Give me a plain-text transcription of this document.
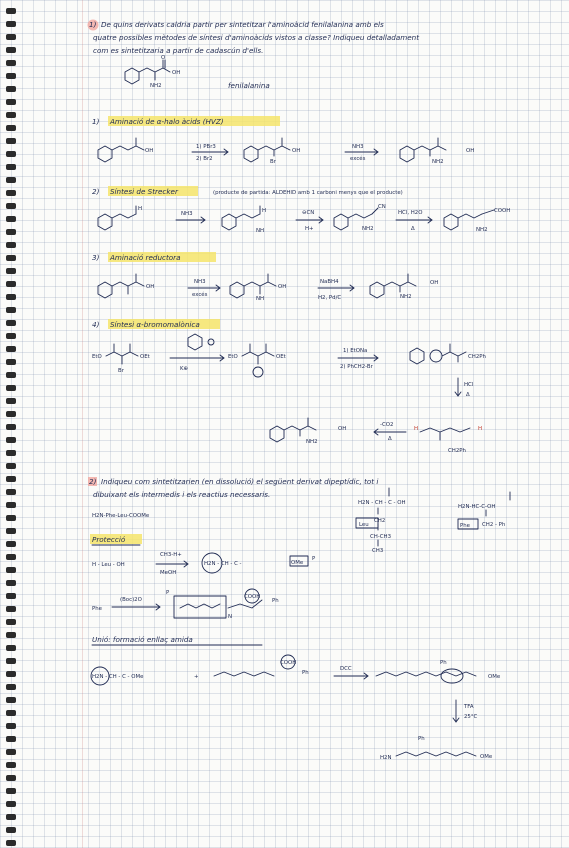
1) De quins derivats caldria partir per sintetitzar l'aminoàcid fenilalanina amb els
quatre possibles mètodes de síntesi d'aminoàcids vistos a classe? Indiqueu detalladament
com es sintetitzaria a partir de cadascún d'ells.
O
OH
NH2	fenilalanina
1) Aminació de α-halo àcids (HVZ)
OH
1) PBr3
2) Br2
OH
Br
NH3
excés
OH
NH2
2) Síntesi de Strecker	(producte de partida: ALDEHID amb 1 carboni menys que el producte)
H
NH3	H
NH
⊖CN
H+
CN
NH2
HCl, H2O
Δ
COOH
NH2
3) Aminació reductora
OH
NH3
excés
OH
NH
NaBH4
H2, Pd/C
OH
NH2
4) Síntesi α-bromomalònica
EtO	OEt
Br	K⊕
EtO	OEt
1) EtONa
2) PhCH2-Br
CH2Ph
HCl
Δ
OH
NH2
-CO2
Δ
H	H
CH2Ph
2) Indiqueu com sintetitzarien (en dissolució) el següent derivat dipeptídic, tot i
dibuixant els intermedis i els reactius necessaris.
H2N-Phe-Leu-COOMe
H2N - CH - C - OH
Leu
CH2
CH-CH3
CH3
H2N-HC-C-OH
Phe CH2 - Ph
Protecció
H - Leu - OH
CH3-H+
MeOH
H2N - CH - C -	OMe
P
Phe
(Boc)2O
P
COOH
Ph
N
Unió: formació enllaç amida
H2N - CH - C - OMe	+
COOH
Ph
DCC
Ph
OMe
TFA
25°C
H2N
Ph
OMe
